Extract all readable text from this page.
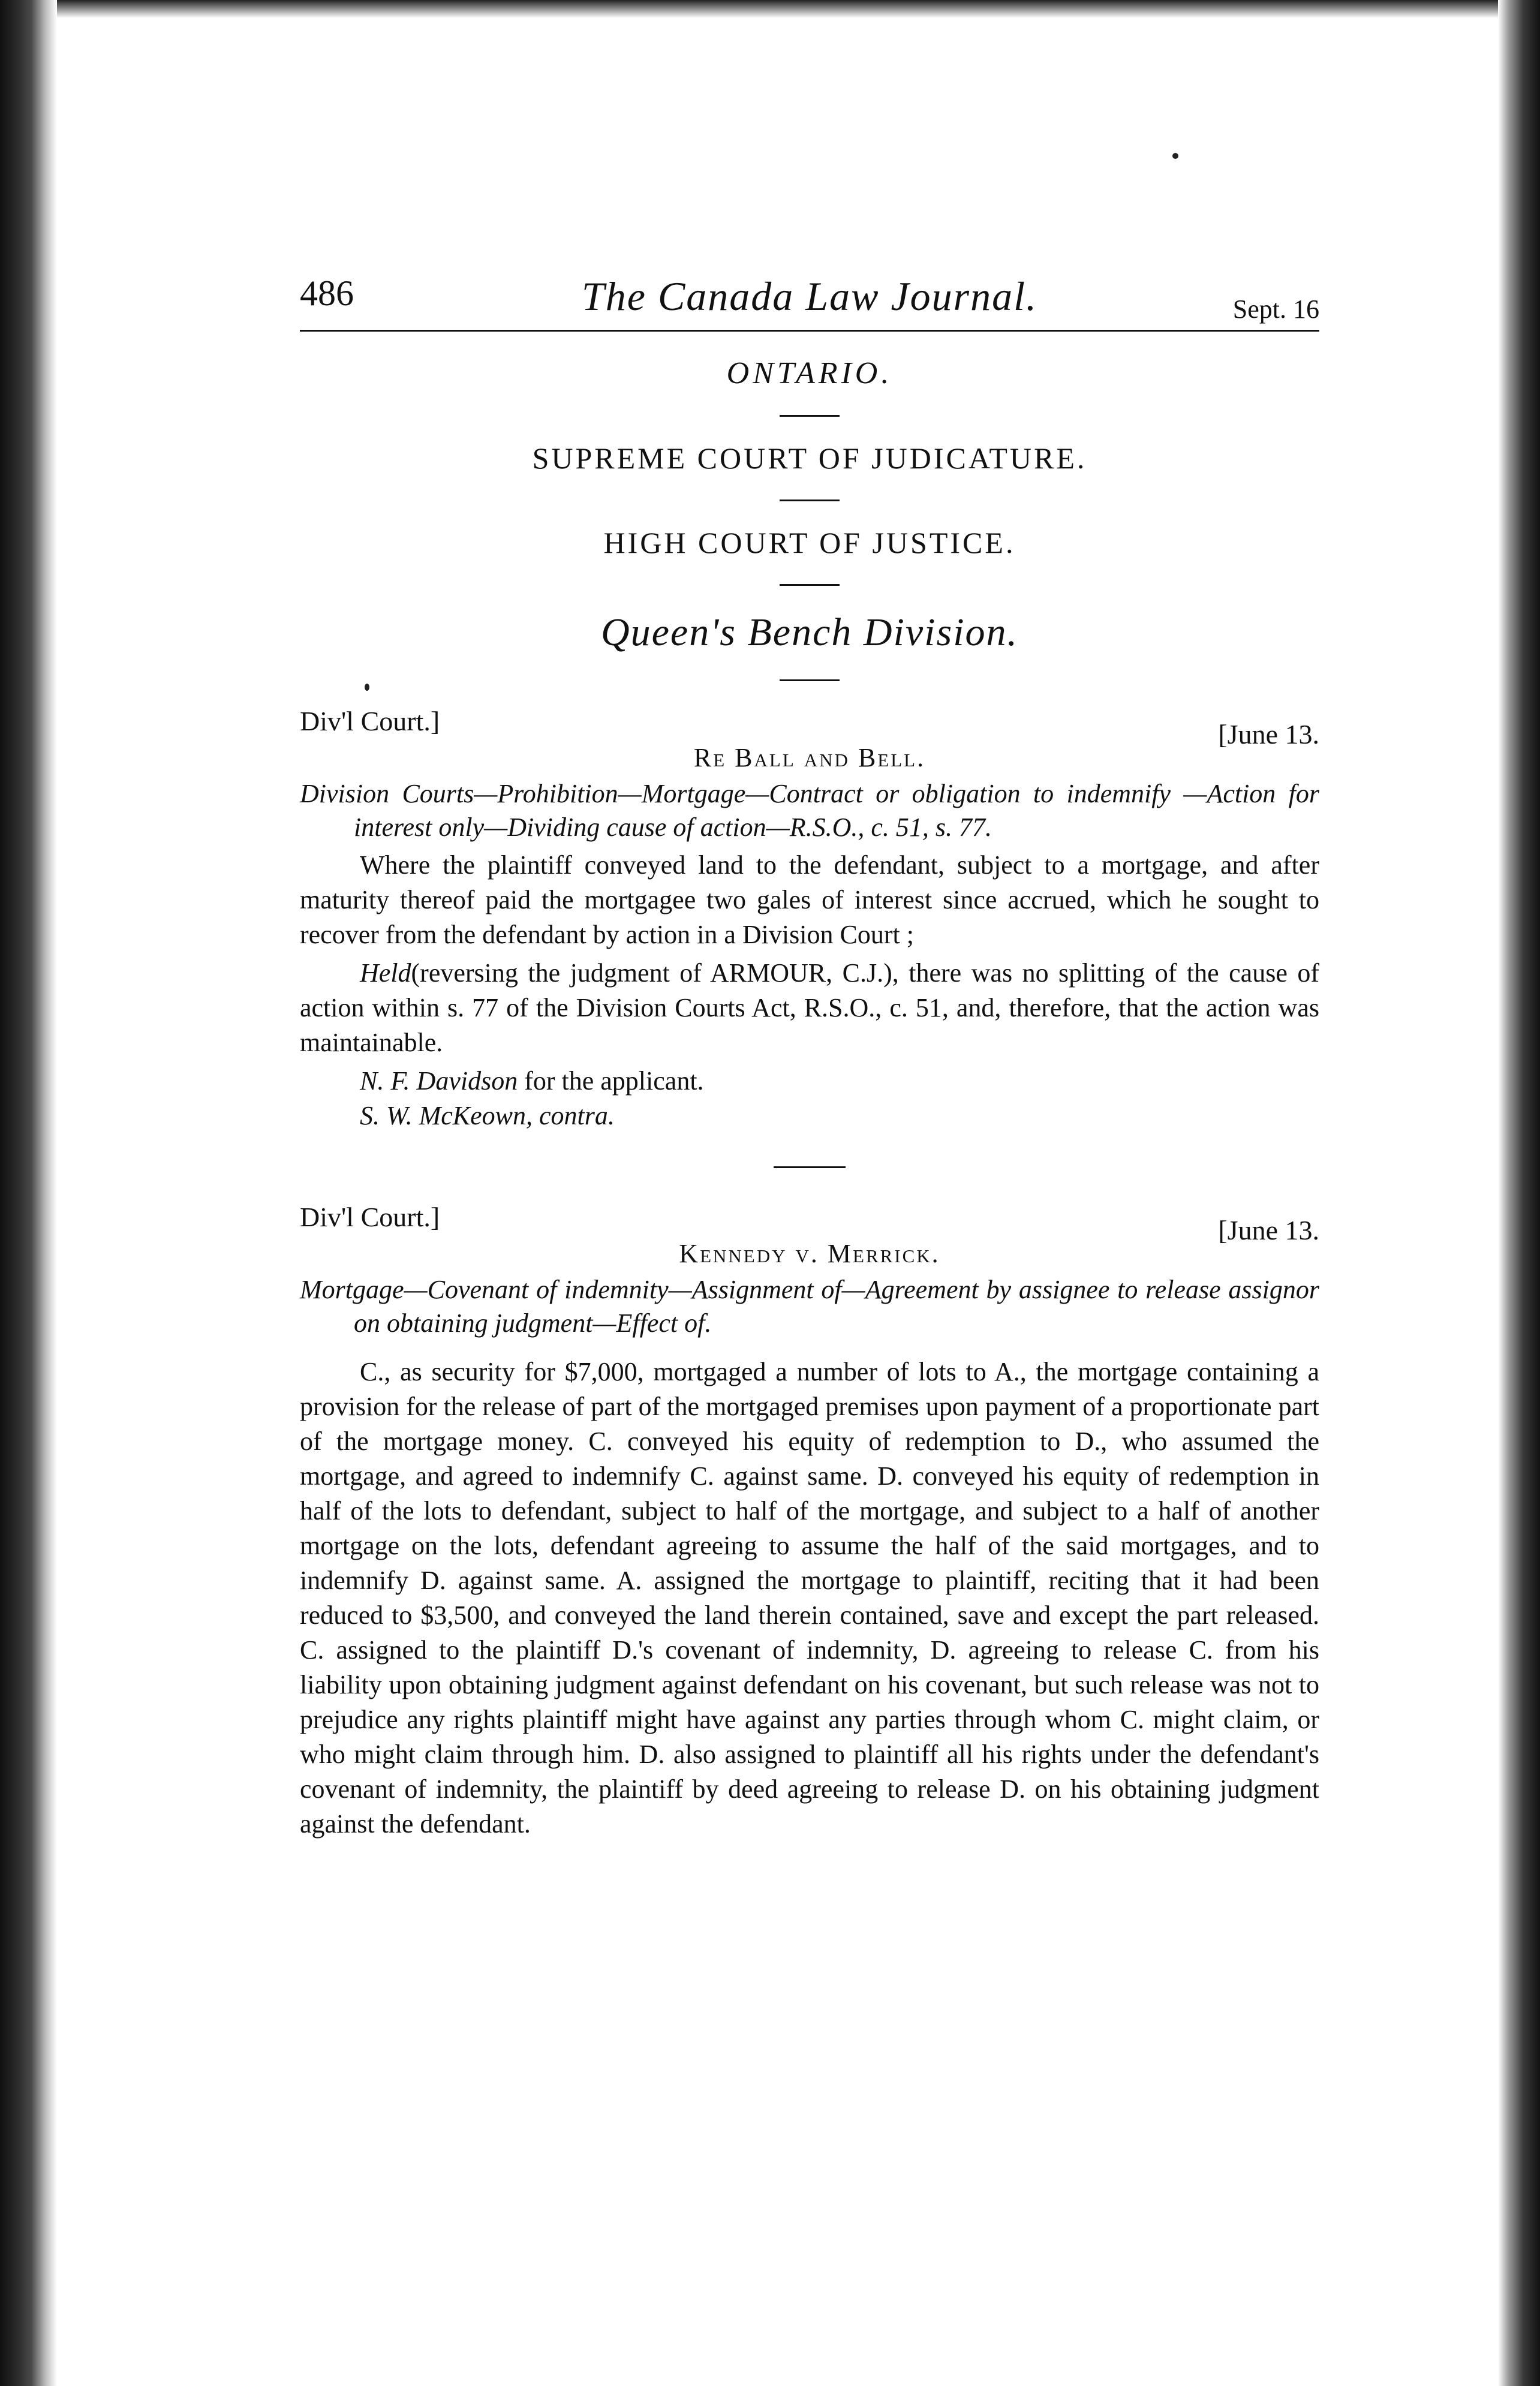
486	The Canada Law Journal.	Sept. 16
ONTARIO.
SUPREME COURT OF JUDICATURE.
HIGH COURT OF JUSTICE.
Queen's Bench Division.
Div'l Court.]	[June 13.
Re Ball and Bell.
Division Courts—Prohibition—Mortgage—Contract or obligation to indemnify —Action for interest only—Dividing cause of action—R.S.O., c. 51, s. 77.

Where the plaintiff conveyed land to the defendant, subject to a mortgage, and after maturity thereof paid the mortgagee two gales of interest since accrued, which he sought to recover from the defendant by action in a Division Court ;

Held(reversing the judgment of ARMOUR, C.J.), there was no splitting of the cause of action within s. 77 of the Division Courts Act, R.S.O., c. 51, and, therefore, that the action was maintainable.

N. F. Davidson for the applicant.
S. W. McKeown, contra.
Div'l Court.]	[June 13.
Kennedy v. Merrick.
Mortgage—Covenant of indemnity—Assignment of—Agreement by assignee to release assignor on obtaining judgment—Effect of.

C., as security for $7,000, mortgaged a number of lots to A., the mortgage containing a provision for the release of part of the mortgaged premises upon payment of a proportionate part of the mortgage money. C. conveyed his equity of redemption to D., who assumed the mortgage, and agreed to indemnify C. against same. D. conveyed his equity of redemption in half of the lots to defendant, subject to half of the mortgage, and subject to a half of another mortgage on the lots, defendant agreeing to assume the half of the said mortgages, and to indemnify D. against same. A. assigned the mortgage to plaintiff, reciting that it had been reduced to $3,500, and conveyed the land therein contained, save and except the part released. C. assigned to the plaintiff D.'s covenant of indemnity, D. agreeing to release C. from his liability upon obtaining judgment against defendant on his covenant, but such release was not to prejudice any rights plaintiff might have against any parties through whom C. might claim, or who might claim through him. D. also assigned to plaintiff all his rights under the defendant's covenant of indemnity, the plaintiff by deed agreeing to release D. on his obtaining judgment against the defendant.
